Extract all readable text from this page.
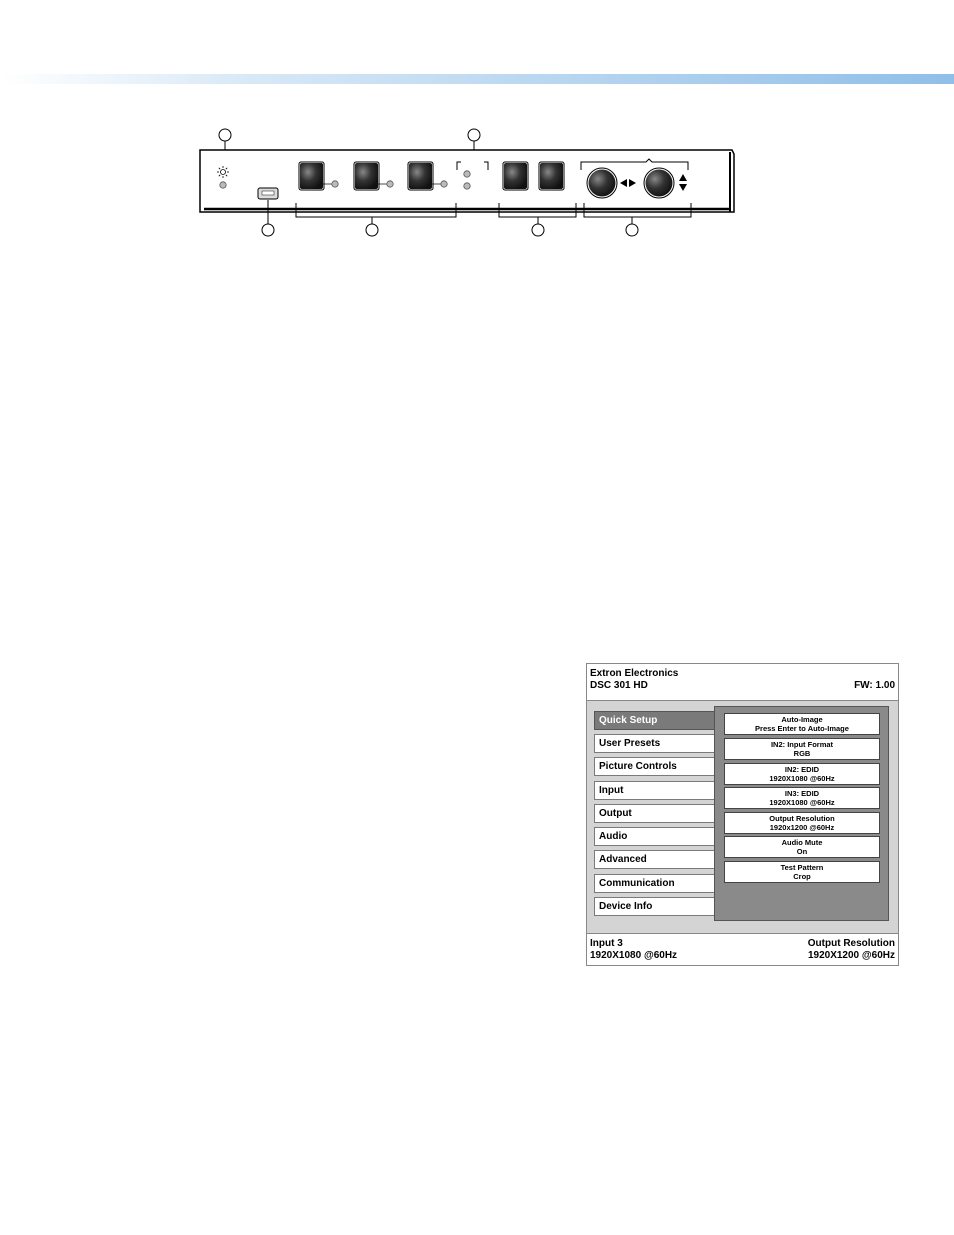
Extron Electronics
DSC 301 HD	FW: 1.00
Quick Setup
User Presets
Picture Controls
Input
Output
Audio
Advanced
Communication
Device Info
Auto-Image
Press Enter to Auto-Image
IN2: Input Format
RGB
IN2: EDID
1920X1080 @60Hz
IN3: EDID
1920X1080 @60Hz
Output Resolution
1920x1200 @60Hz
Audio Mute
On
Test Pattern
Crop
Input 3
1920X1080 @60Hz
Output Resolution
1920X1200 @60Hz
